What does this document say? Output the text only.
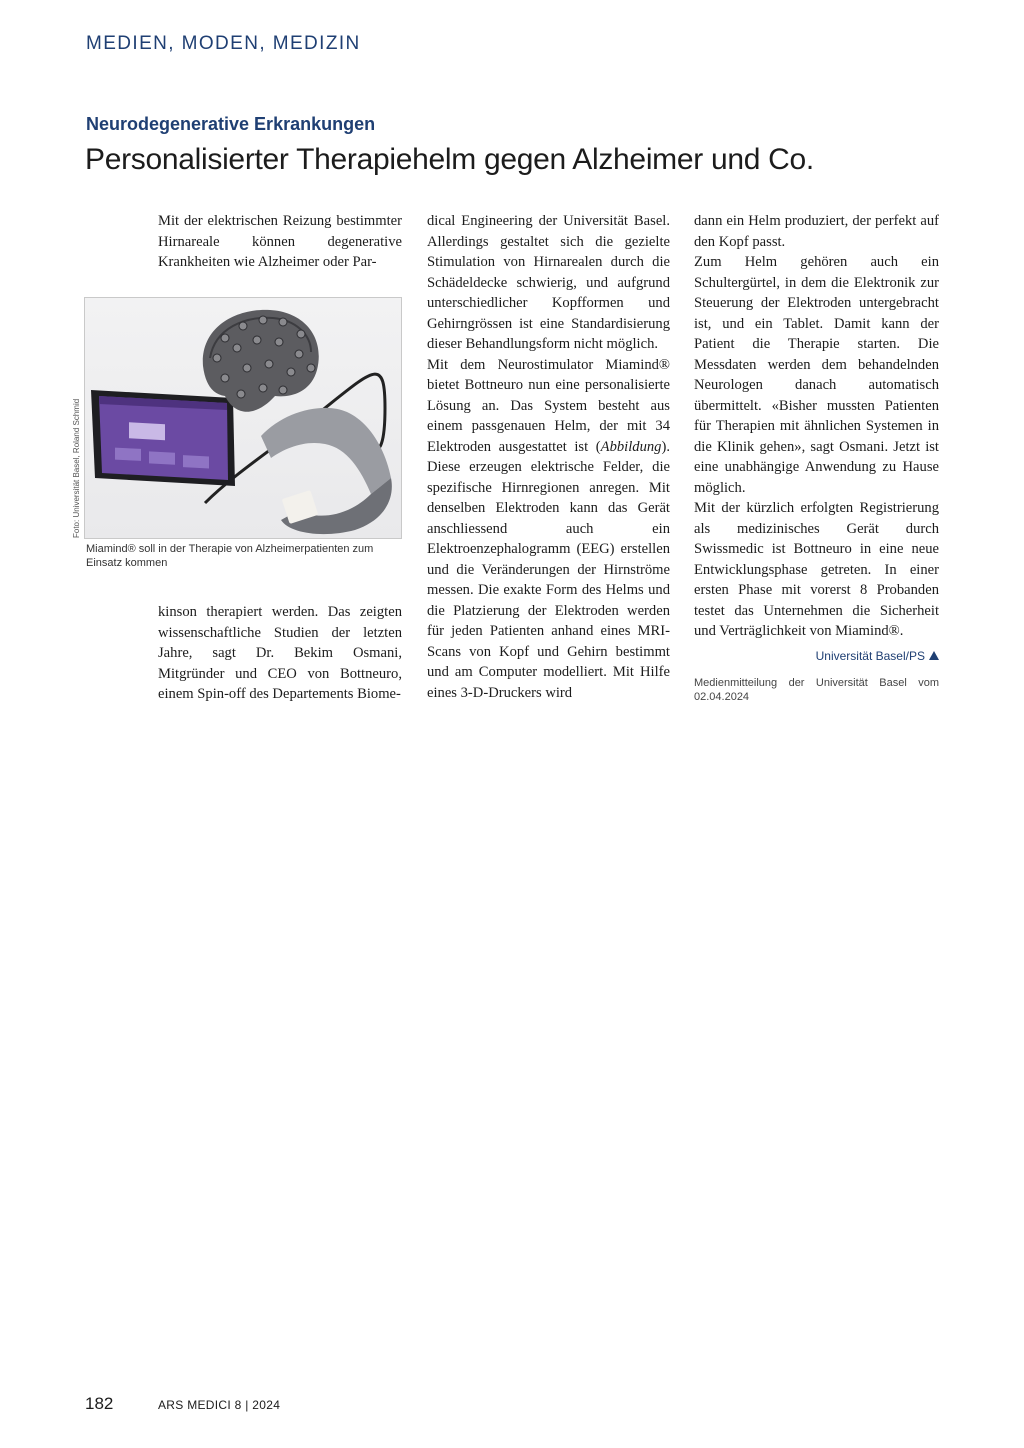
MEDIEN, MODEN, MEDIZIN
Neurodegenerative Erkrankungen
Personalisierter Therapiehelm gegen Alzheimer und Co.

Mit der elektrischen Reizung bestimmter Hirnareale können degenerative Krankheiten wie Alzheimer oder Par-

Foto: Universität Basel, Roland Schmid
Miamind® soll in der Therapie von Alzheimerpatienten zum Einsatz kommen

kinson therapiert werden. Das zeigten wissenschaftliche Studien der letzten Jahre, sagt Dr. Bekim Osmani, Mitgründer und CEO von Bottneuro, einem Spin-off des Departements Biome-

dical Engineering der Universität Basel. Allerdings gestaltet sich die gezielte Stimulation von Hirnarealen durch die Schädeldecke schwierig, und aufgrund unterschiedlicher Kopfformen und Gehirngrössen ist eine Standardisierung dieser Behandlungsform nicht möglich.

Mit dem Neurostimulator Miamind® bietet Bottneuro nun eine personalisierte Lösung an. Das System besteht aus einem passgenauen Helm, der mit 34 Elektroden ausgestattet ist (Abbildung). Diese erzeugen elektrische Felder, die spezifische Hirnregionen anregen. Mit denselben Elektroden kann das Gerät anschliessend auch ein Elektroenzephalogramm (EEG) erstellen und die Veränderungen der Hirnströme messen. Die exakte Form des Helms und die Platzierung der Elektroden werden für jeden Patienten anhand eines MRI-Scans von Kopf und Gehirn bestimmt und am Computer modelliert. Mit Hilfe eines 3-D-Druckers wird

dann ein Helm produziert, der perfekt auf den Kopf passt.

Zum Helm gehören auch ein Schultergürtel, in dem die Elektronik zur Steuerung der Elektroden untergebracht ist, und ein Tablet. Damit kann der Patient die Therapie starten. Die Messdaten werden dem behandelnden Neurologen danach automatisch übermittelt. «Bisher mussten Patienten für Therapien mit ähnlichen Systemen in die Klinik gehen», sagt Osmani. Jetzt ist eine unabhängige Anwendung zu Hause möglich.

Mit der kürzlich erfolgten Registrierung als medizinisches Gerät durch Swissmedic ist Bottneuro in eine neue Entwicklungsphase getreten. In einer ersten Phase mit vorerst 8 Probanden testet das Unternehmen die Sicherheit und Verträglichkeit von Miamind®.

Universität Basel/PS
Medienmitteilung der Universität Basel vom 02.04.2024
182	ARS MEDICI 8 | 2024
